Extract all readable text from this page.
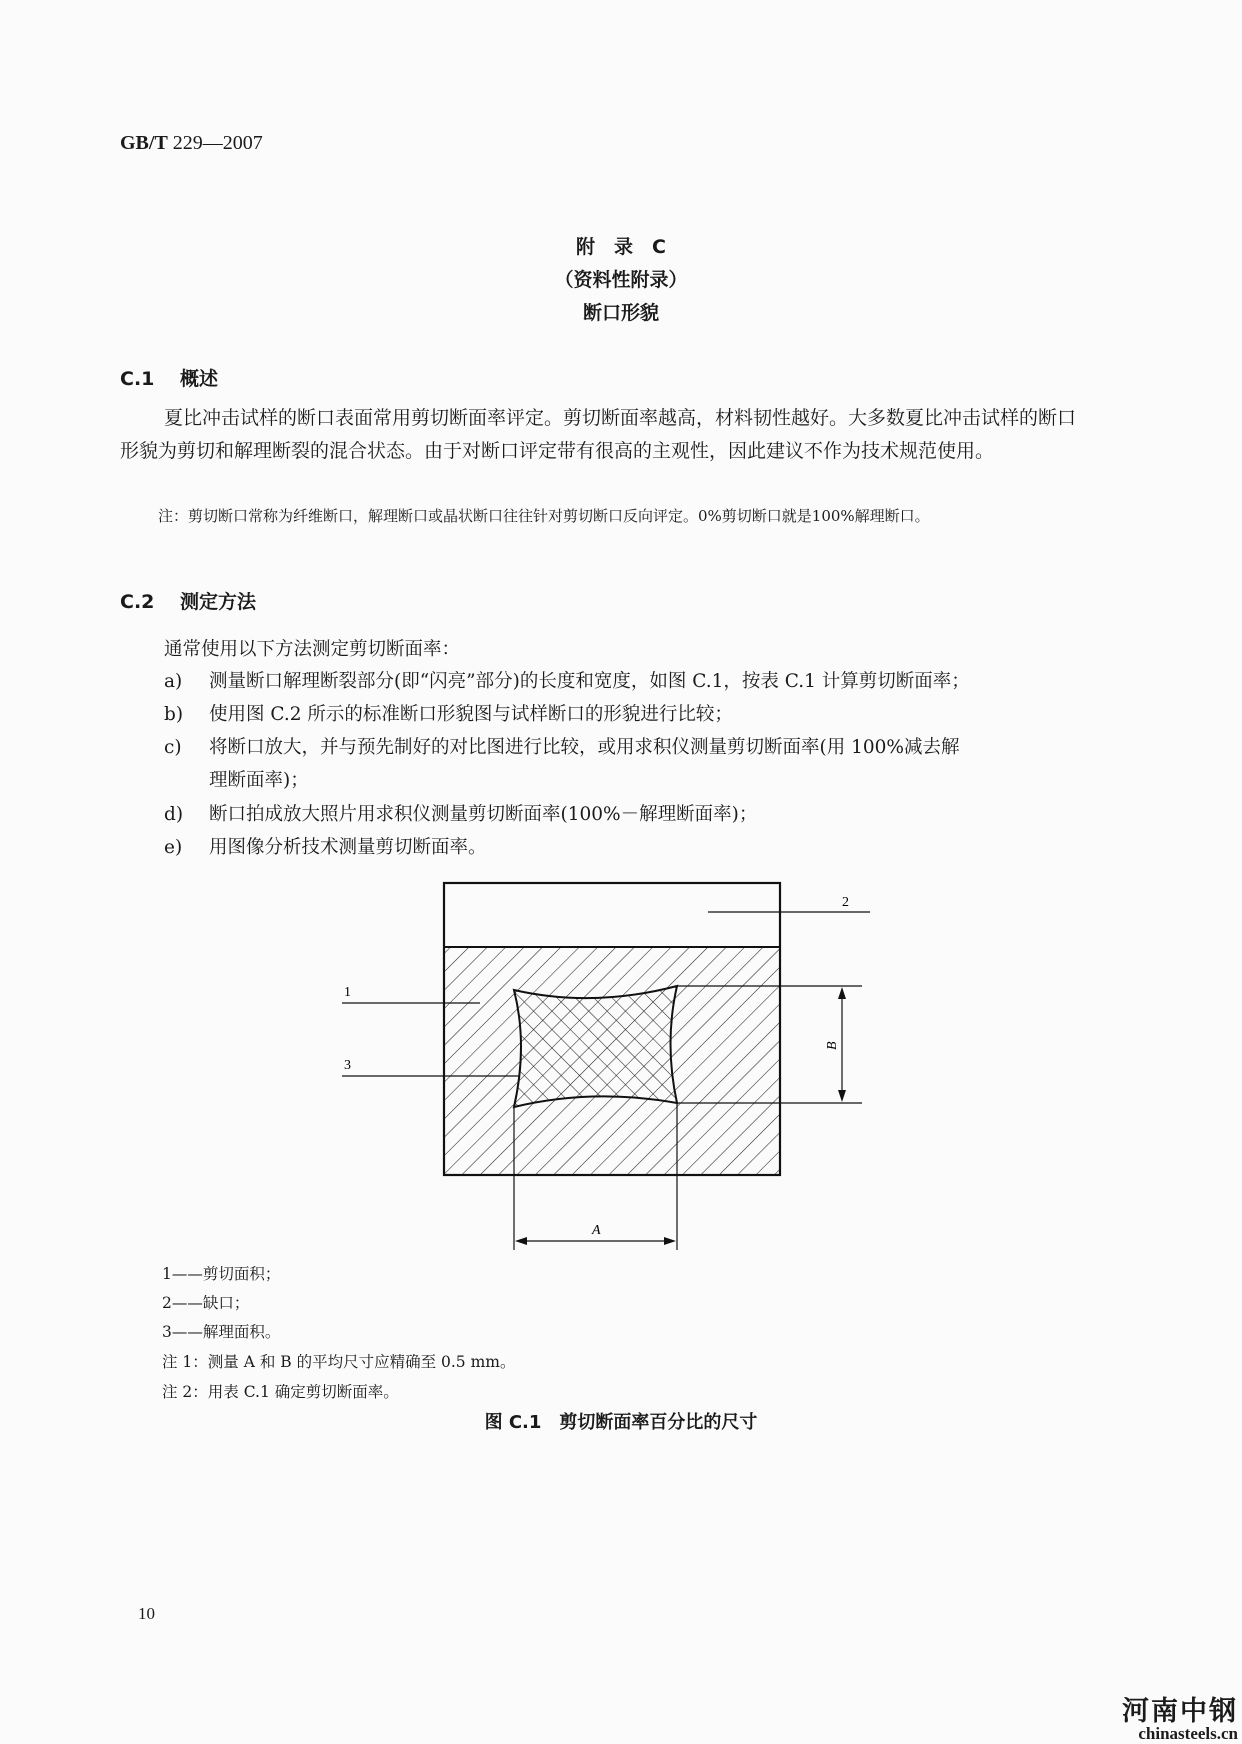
GB/T 229—2007
附　录　C
（资料性附录）
断口形貌
C.1 概述
夏比冲击试样的断口表面常用剪切断面率评定。剪切断面率越高，材料韧性越好。大多数夏比冲击试样的断口形貌为剪切和解理断裂的混合状态。由于对断口评定带有很高的主观性，因此建议不作为技术规范使用。
注：剪切断口常称为纤维断口，解理断口或晶状断口往往针对剪切断口反向评定。0%剪切断口就是100%解理断口。
C.2 测定方法
通常使用以下方法测定剪切断面率：
a) 测量断口解理断裂部分(即“闪亮”部分)的长度和宽度，如图 C.1，按表 C.1 计算剪切断面率；
b) 使用图 C.2 所示的标准断口形貌图与试样断口的形貌进行比较；
c) 将断口放大，并与预先制好的对比图进行比较，或用求积仪测量剪切断面率(用 100%减去解
理断面率)；
d) 断口拍成放大照片用求积仪测量剪切断面率(100%－解理断面率)；
e) 用图像分析技术测量剪切断面率。
2
1
3
B
A
1——剪切面积；
2——缺口；
3——解理面积。
注 1：测量 A 和 B 的平均尺寸应精确至 0.5 mm。
注 2：用表 C.1 确定剪切断面率。
图 C.1　剪切断面率百分比的尺寸
10
河南中钢
chinasteels.cn
